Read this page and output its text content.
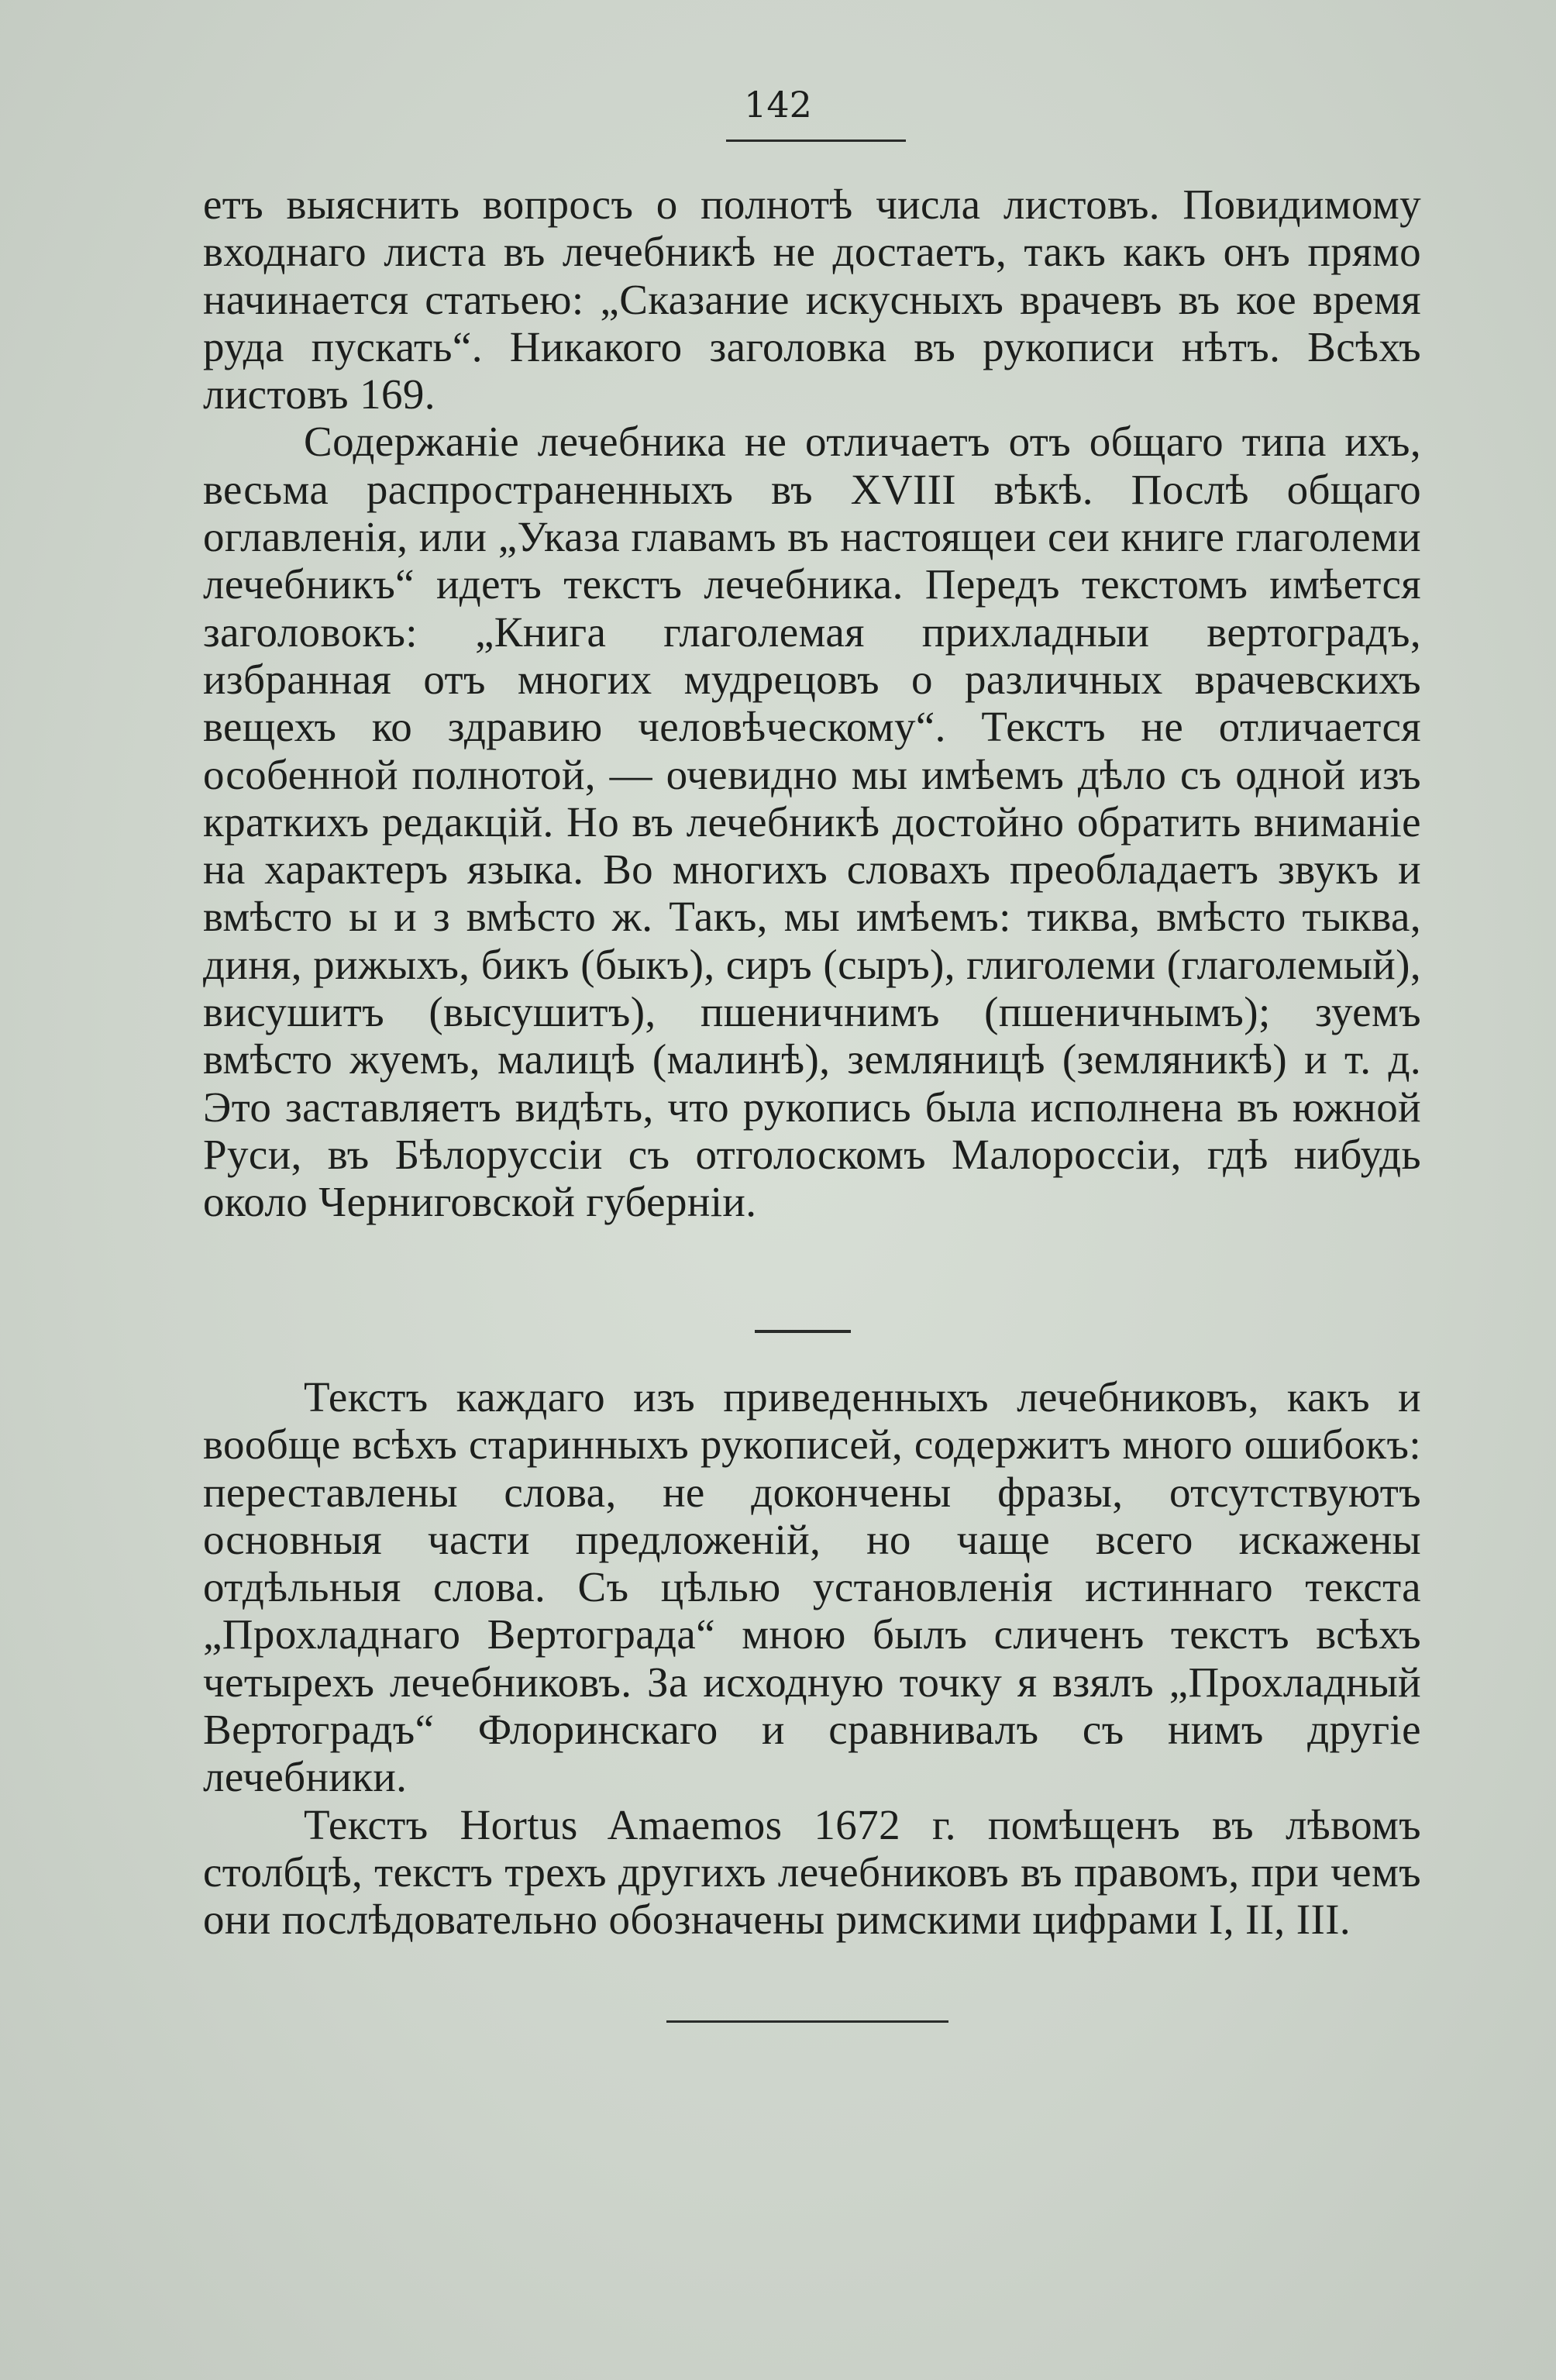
142

етъ выяснить вопросъ о полнотѣ числа листовъ. Повидимому входнаго листа въ лечебникѣ не достаетъ, такъ какъ онъ прямо начинается статьею: „Сказание искусныхъ врачевъ въ кое время руда пускать“. Никакого заголовка въ рукописи нѣтъ. Всѣхъ листовъ 169.

Содержаніе лечебника не отличаетъ отъ общаго типа ихъ, весьма распространенныхъ въ XVIII вѣкѣ. Послѣ общаго оглавленія, или „Указа главамъ въ настоящеи сеи книге глаголеми лечебникъ“ идетъ текстъ лечебника. Передъ текстомъ имѣется заголовокъ: „Книга глаголемая прихладныи вертоградъ, избранная отъ многих мудрецовъ о различных врачевскихъ вещехъ ко здравию человѣческому“. Текстъ не отличается особенной полнотой, — очевидно мы имѣемъ дѣло съ одной изъ краткихъ редакцій. Но въ лечебникѣ достойно обратить вниманіе на характеръ языка. Во многихъ словахъ преобладаетъ звукъ и вмѣсто ы и з вмѣсто ж. Такъ, мы имѣемъ: тиква, вмѣсто тыква, диня, рижыхъ, бикъ (быкъ), сиръ (сыръ), глиголеми (глаголемый), висушитъ (высушитъ), пшеничнимъ (пшеничнымъ); зуемъ вмѣсто жуемъ, малицѣ (малинѣ), земляницѣ (земляникѣ) и т. д. Это заставляетъ видѣть, что рукопись была исполнена въ южной Руси, въ Бѣлоруссіи съ отголоскомъ Малороссіи, гдѣ нибудь около Черниговской губерніи.

Текстъ каждаго изъ приведенныхъ лечебниковъ, какъ и вообще всѣхъ старинныхъ рукописей, содержитъ много ошибокъ: переставлены слова, не докончены фразы, отсутствуютъ основныя части предложеній, но чаще всего искажены отдѣльныя слова. Съ цѣлью установленія истиннаго текста „Прохладнаго Вертограда“ мною былъ сличенъ текстъ всѣхъ четырехъ лечебниковъ. За исходную точку я взялъ „Прохладный Вертоградъ“ Флоринскаго и сравнивалъ съ нимъ другіе лечебники.

Текстъ Hortus Amaemos 1672 г. помѣщенъ въ лѣвомъ столбцѣ, текстъ трехъ другихъ лечебниковъ въ правомъ, при чемъ они послѣдовательно обозначены римскими цифрами I, II, III.
